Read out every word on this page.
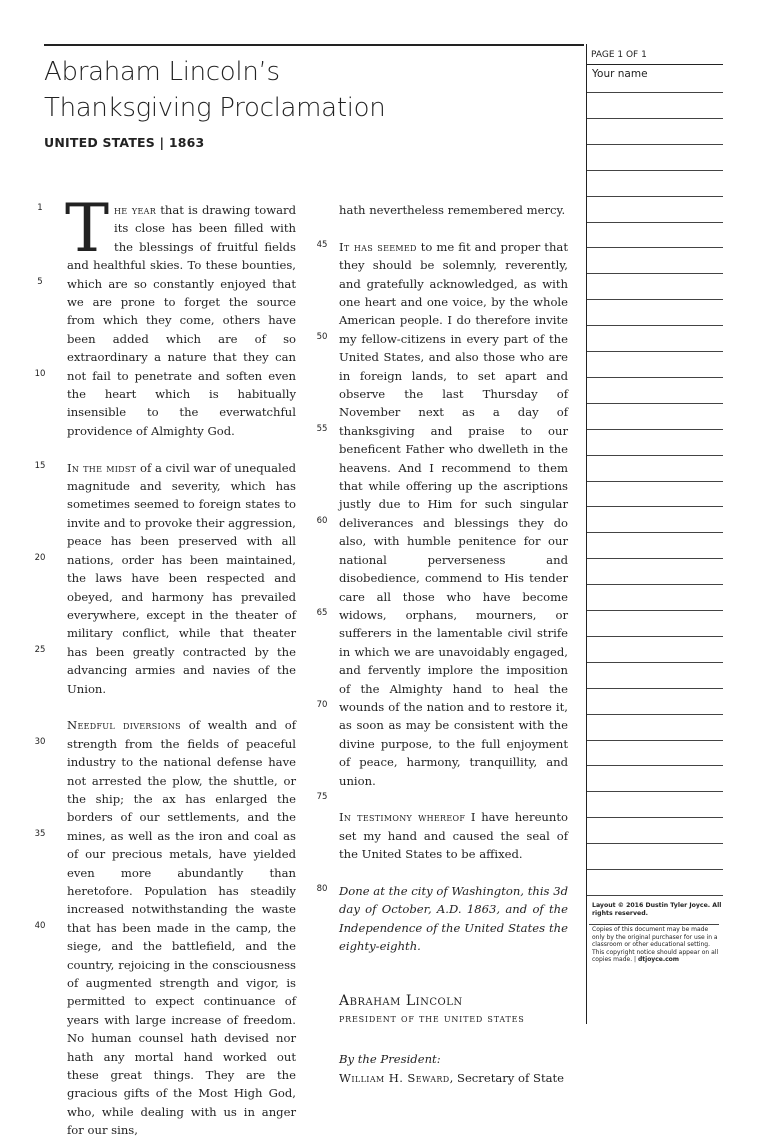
Abraham Lincoln’s
Thanksgiving Proclamation
UNITED STATES | 1863
PAGE 1 OF 1
Your name
Layout © 2016 Dustin Tyler Joyce. All rights reserved.
Copies of this document may be made only by the original purchaser for use in a classroom or other educational setting. This copyright notice should appear on all copies made. | dtjoyce.com
1
5
10
15
20
25
30
35
40
45
50
55
60
65
70
75
80

The year that is drawing toward its close has been filled with the blessings of fruitful fields and healthful skies. To these bounties, which are so constantly enjoyed that we are prone to forget the source from which they come, others have been added which are of so extraordinary a nature that they can not fail to penetrate and soften even the heart which is habitually insensible to the everwatchful providence of Almighty God.

In the midst of a civil war of unequaled magnitude and severity, which has sometimes seemed to foreign states to invite and to provoke their aggression, peace has been preserved with all nations, order has been maintained, the laws have been respected and obeyed, and harmony has prevailed everywhere, except in the theater of military conflict, while that theater has been greatly contracted by the advancing armies and navies of the Union.

Needful diversions of wealth and of strength from the fields of peaceful industry to the national defense have not arrested the plow, the shuttle, or the ship; the ax has enlarged the borders of our settlements, and the mines, as well as the iron and coal as of our precious metals, have yielded even more abundantly than heretofore. Population has steadily increased notwithstanding the waste that has been made in the camp, the siege, and the battlefield, and the country, rejoicing in the consciousness of augmented strength and vigor, is permitted to expect continuance of years with large increase of freedom. No human counsel hath devised nor hath any mortal hand worked out these great things. They are the gracious gifts of the Most High God, who, while dealing with us in anger for our sins,

hath nevertheless remembered mercy.

It has seemed to me fit and proper that they should be solemnly, reverently, and gratefully acknowledged, as with one heart and one voice, by the whole American people. I do therefore invite my fellow-citizens in every part of the United States, and also those who are in foreign lands, to set apart and observe the last Thursday of November next as a day of thanksgiving and praise to our beneficent Father who dwelleth in the heavens. And I recommend to them that while offering up the ascriptions justly due to Him for such singular deliverances and blessings they do also, with humble penitence for our national perverseness and disobedience, commend to His tender care all those who have become widows, orphans, mourners, or sufferers in the lamentable civil strife in which we are unavoidably engaged, and fervently implore the imposition of the Almighty hand to heal the wounds of the nation and to restore it, as soon as may be consistent with the divine purpose, to the full enjoyment of peace, harmony, tranquillity, and union.

In testimony whereof I have hereunto set my hand and caused the seal of the United States to be affixed.

Done at the city of Washington, this 3d day of October, A.D. 1863, and of the Independence of the United States the eighty-eighth.

Abraham Lincoln
president of the united states
By the President:
William H. Seward, Secretary of State
